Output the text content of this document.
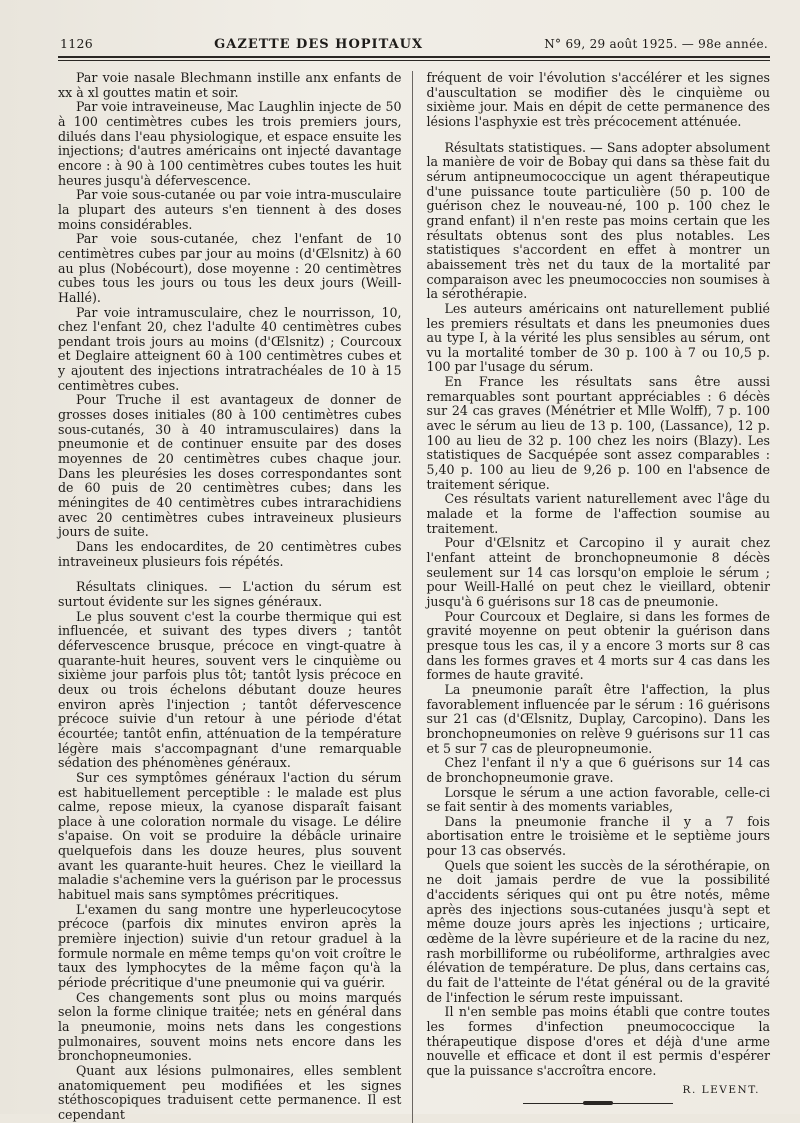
1126	GAZETTE DES HOPITAUX	N° 69, 29 août 1925. — 98e année.

Par voie nasale Blechmann instille anx enfants de xx à xl gouttes matin et soir.

Par voie intraveineuse, Mac Laughlin injecte de 50 à 100 centimètres cubes les trois premiers jours, dilués dans l'eau physiologique, et espace ensuite les injections; d'autres américains ont injecté davantage encore : à 90 à 100 centimètres cubes toutes les huit heures jusqu'à défervescence.

Par voie sous-cutanée ou par voie intra-musculaire la plupart des auteurs s'en tiennent à des doses moins considérables.

Par voie sous-cutanée, chez l'enfant de 10 centimètres cubes par jour au moins (d'Œlsnitz) à 60 au plus (Nobécourt), dose moyenne : 20 centimètres cubes tous les jours ou tous les deux jours (Weill-Hallé).

Par voie intramusculaire, chez le nourrisson, 10, chez l'enfant 20, chez l'adulte 40 centimètres cubes pendant trois jours au moins (d'Œlsnitz) ; Courcoux et Deglaire atteignent 60 à 100 centimètres cubes et y ajoutent des injections intratrachéales de 10 à 15 centimètres cubes.

Pour Truche il est avantageux de donner de grosses doses initiales (80 à 100 centimètres cubes sous-cutanés, 30 à 40 intramusculaires) dans la pneumonie et de continuer ensuite par des doses moyennes de 20 centimètres cubes chaque jour. Dans les pleurésies les doses correspondantes sont de 60 puis de 20 centimètres cubes; dans les méningites de 40 centimètres cubes intrarachidiens avec 20 centimètres cubes intraveineux plusieurs jours de suite.

Dans les endocardites, de 20 centimètres cubes intraveineux plusieurs fois répétés.

Résultats cliniques. — L'action du sérum est surtout évidente sur les signes généraux.

Le plus souvent c'est la courbe thermique qui est influencée, et suivant des types divers ; tantôt défervescence brusque, précoce en vingt-quatre à quarante-huit heures, souvent vers le cinquième ou sixième jour parfois plus tôt; tantôt lysis précoce en deux ou trois échelons débutant douze heures environ après l'injection ; tantôt défervescence précoce suivie d'un retour à une période d'état écourtée; tantôt enfin, atténuation de la température légère mais s'accompagnant d'une remarquable sédation des phénomènes généraux.

Sur ces symptômes généraux l'action du sérum est habituellement perceptible : le malade est plus calme, repose mieux, la cyanose disparaît faisant place à une coloration normale du visage. Le délire s'apaise. On voit se produire la débâcle urinaire quelquefois dans les douze heures, plus souvent avant les quarante-huit heures. Chez le vieillard la maladie s'achemine vers la guérison par le processus habituel mais sans symptômes précritiques.

L'examen du sang montre une hyperleucocytose précoce (parfois dix minutes environ après la première injection) suivie d'un retour graduel à la formule normale en même temps qu'on voit croître le taux des lymphocytes de la même façon qu'à la période précritique d'une pneumonie qui va guérir.

Ces changements sont plus ou moins marqués selon la forme clinique traitée; nets en général dans la pneumonie, moins nets dans les congestions pulmonaires, souvent moins nets encore dans les bronchopneumonies.

Quant aux lésions pulmonaires, elles semblent anatomiquement peu modifiées et les signes stéthoscopiques traduisent cette permanence. Il est cependant

fréquent de voir l'évolution s'accélérer et les signes d'auscultation se modifier dès le cinquième ou sixième jour. Mais en dépit de cette permanence des lésions l'asphyxie est très précocement atténuée.

Résultats statistiques. — Sans adopter absolument la manière de voir de Bobay qui dans sa thèse fait du sérum antipneumococcique un agent thérapeutique d'une puissance toute particulière (50 p. 100 de guérison chez le nouveau-né, 100 p. 100 chez le grand enfant) il n'en reste pas moins certain que les résultats obtenus sont des plus notables. Les statistiques s'accordent en effet à montrer un abaissement très net du taux de la mortalité par comparaison avec les pneumococcies non soumises à la sérothérapie.

Les auteurs américains ont naturellement publié les premiers résultats et dans les pneumonies dues au type I, à la vérité les plus sensibles au sérum, ont vu la mortalité tomber de 30 p. 100 à 7 ou 10,5 p. 100 par l'usage du sérum.

En France les résultats sans être aussi remarquables sont pourtant appréciables : 6 décès sur 24 cas graves (Ménétrier et Mlle Wolff), 7 p. 100 avec le sérum au lieu de 13 p. 100, (Lassance), 12 p. 100 au lieu de 32 p. 100 chez les noirs (Blazy). Les statistiques de Sacquépée sont assez comparables : 5,40 p. 100 au lieu de 9,26 p. 100 en l'absence de traitement sérique.

Ces résultats varient naturellement avec l'âge du malade et la forme de l'affection soumise au traitement.

Pour d'Œlsnitz et Carcopino il y aurait chez l'enfant atteint de bronchopneumonie 8 décès seulement sur 14 cas lorsqu'on emploie le sérum ; pour Weill-Hallé on peut chez le vieillard, obtenir jusqu'à 6 guérisons sur 18 cas de pneumonie.

Pour Courcoux et Deglaire, si dans les formes de gravité moyenne on peut obtenir la guérison dans presque tous les cas, il y a encore 3 morts sur 8 cas dans les formes graves et 4 morts sur 4 cas dans les formes de haute gravité.

La pneumonie paraît être l'affection, la plus favorablement influencée par le sérum : 16 guérisons sur 21 cas (d'Œlsnitz, Duplay, Carcopino). Dans les bronchopneumonies on relève 9 guérisons sur 11 cas et 5 sur 7 cas de pleuropneumonie.

Chez l'enfant il n'y a que 6 guérisons sur 14 cas de bronchopneumonie grave.

Lorsque le sérum a une action favorable, celle-ci se fait sentir à des moments variables,

Dans la pneumonie franche il y a 7 fois abortisation entre le troisième et le septième jours pour 13 cas observés.

Quels que soient les succès de la sérothérapie, on ne doit jamais perdre de vue la possibilité d'accidents sériques qui ont pu être notés, même après des injections sous-cutanées jusqu'à sept et même douze jours après les injections ; urticaire, œdème de la lèvre supérieure et de la racine du nez, rash morbilliforme ou rubéoliforme, arthralgies avec élévation de température. De plus, dans certains cas, du fait de l'atteinte de l'état général ou de la gravité de l'infection le sérum reste impuissant.

Il n'en semble pas moins établi que contre toutes les formes d'infection pneumococcique la thérapeutique dispose d'ores et déjà d'une arme nouvelle et efficace et dont il est permis d'espérer que la puissance s'accroîtra encore.

R. LEVENT.
